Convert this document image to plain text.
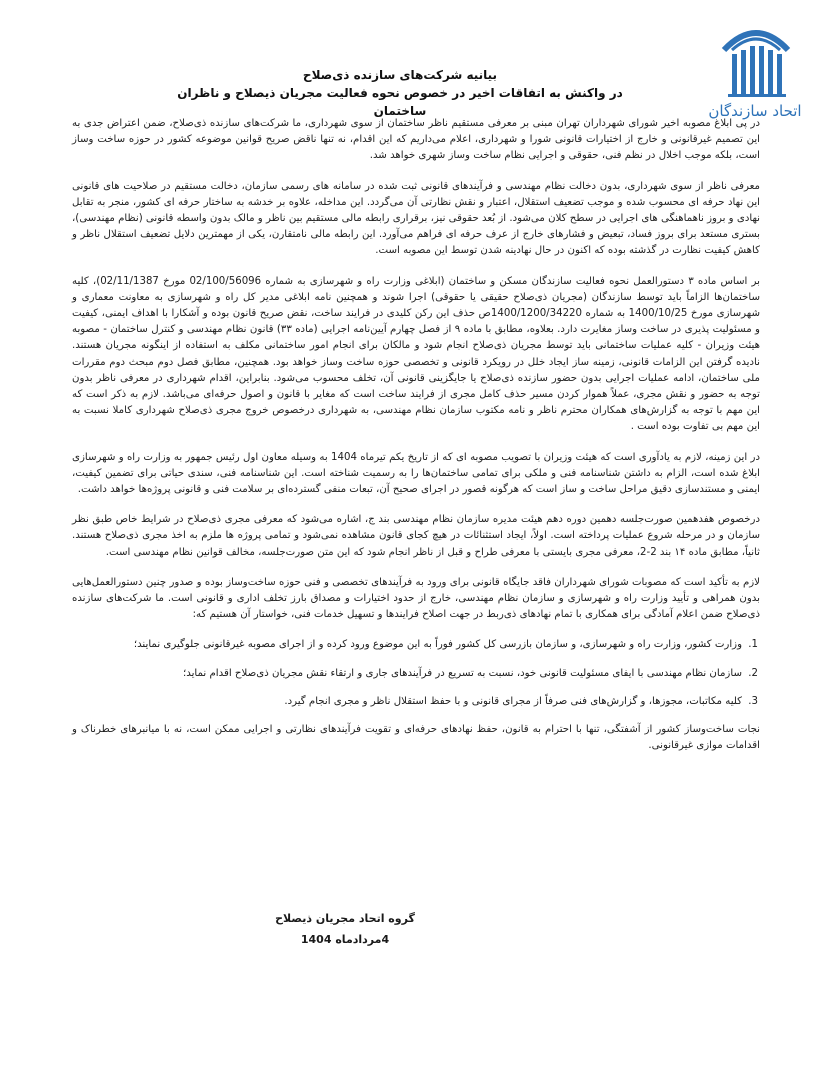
اتحاد سازندگان
بیانیه شرکت‌های سازنده ذی‌صلاح
در واکنش به اتفاقات اخیر در خصوص نحوه فعالیت مجریان ذیصلاح و ناظران ساختمان

در پی ابلاغ مصوبه اخیر شورای شهرداران تهران مبنی بر معرفی مستقیم ناظر ساختمان از سوی شهرداری، ما شرکت‌های سازنده ذی‌صلاح، ضمن اعتراض جدی به این تصمیم غیرقانونی و خارج از اختیارات قانونی شورا و شهرداری، اعلام می‌داریم که این اقدام، نه تنها ناقض صریح قوانین موضوعه کشور در حوزه ساخت وساز است، بلکه موجب اخلال در نظم فنی، حقوقی و اجرایی نظام ساخت وساز شهری خواهد شد.

معرفی ناظر از سوی شهرداری، بدون دخالت نظام مهندسی و فرآیندهای قانونی ثبت شده در سامانه های رسمی سازمان، دخالت مستقیم در صلاحیت های قانونی این نهاد حرفه ای محسوب شده و موجب تضعیف استقلال، اعتبار و نقش نظارتی آن می‌گردد. این مداخله، علاوه بر خدشه به ساختار حرفه ای کشور، منجر به تقابل نهادی و بروز ناهماهنگی های اجرایی در سطح کلان می‌شود. از بُعد حقوقی نیز، برقراری رابطه مالی مستقیم بین ناظر و مالک بدون واسطه قانونی (نظام مهندسی)، بستری مستعد برای بروز فساد، تبعیض و فشارهای خارج از عرف حرفه ای فراهم می‌آورد. این رابطه مالی نامتقارن، یکی از مهمترین دلایل تضعیف استقلال ناظر و کاهش کیفیت نظارت در گذشته بوده که اکنون در حال نهادینه شدن توسط این مصوبه است.

بر اساس ماده ۳ دستورالعمل نحوه فعالیت سازندگان مسکن و ساختمان (ابلاغی وزارت راه و شهرسازی به شماره 02/100/56096 مورخ 02/11/1387)، کلیه ساختمان‌ها الزاماً باید توسط سازندگان (مجریان ذی‌صلاح حقیقی یا حقوقی) اجرا شوند و همچنین نامه ابلاغی مدیر کل راه و شهرسازی به معاونت معماری و شهرسازی مورخ 1400/10/25 به شماره 1400/1200/34220ص حذف این رکن کلیدی در فرایند ساخت، نقض صریح قانون بوده و آشکارا با اهداف ایمنی، کیفیت و مسئولیت پذیری در ساخت وساز مغایرت دارد. بعلاوه، مطابق با ماده ۹ از فصل چهارم آیین‌نامه اجرایی (ماده ۳۳) قانون نظام مهندسی و کنترل ساختمان - مصوبه هیئت وزیران - کلیه عملیات ساختمانی باید توسط مجریان ذی‌صلاح انجام شود و مالکان برای انجام امور ساختمانی مکلف به استفاده از اینگونه مجریان هستند. نادیده گرفتن این الزامات قانونی، زمینه ساز ایجاد خلل در رویکرد قانونی و تخصصی حوزه ساخت وساز خواهد بود. همچنین، مطابق فصل دوم مبحث دوم مقررات ملی ساختمان، ادامه عملیات اجرایی بدون حضور سازنده ذی‌صلاح یا جایگزینی قانونی آن، تخلف محسوب می‌شود. بنابراین، اقدام شهرداری در معرفی ناظر بدون توجه به حضور و نقش مجری، عملاً هموار کردن مسیر حذف کامل مجری از فرایند ساخت است که مغایر با قانون و اصول حرفه‌ای می‌باشد. لازم به ذکر است که این مهم با توجه به گزارش‌های همکاران محترم ناظر و نامه مکتوب سازمان نظام مهندسی، به شهرداری درخصوص خروج مجری ذی‌صلاح شهرداری کاملا نسبت به این مهم بی تفاوت بوده است .

در این زمینه، لازم به یادآوری است که هیئت وزیران با تصویب مصوبه ای که از تاریخ یکم تیرماه 1404 به وسیله معاون اول رئیس جمهور به وزارت راه و شهرسازی ابلاغ شده است، الزام به داشتن شناسنامه فنی و ملکی برای تمامی ساختمان‌ها را به رسمیت شناخته است. این شناسنامه فنی، سندی حیاتی برای تضمین کیفیت، ایمنی و مستندسازی دقیق مراحل ساخت و ساز است که هرگونه قصور در اجرای صحیح آن، تبعات منفی گسترده‌ای بر سلامت فنی و قانونی پروژه‌ها خواهد داشت.

درخصوص هفدهمین صورت‌جلسه دهمین دوره دهم هیئت مدیره سازمان نظام مهندسی بند ج، اشاره می‌شود که معرفی مجری ذی‌صلاح در شرایط خاص طبق نظر سازمان و در مرحله شروع عملیات پرداخته است. اولاً، ایجاد استثنائات در هیچ کجای قانون مشاهده نمی‌شود و تمامی پروژه ها ملزم به اخذ مجری ذی‌صلاح هستند. ثانیاً، مطابق ماده ۱۴ بند 2-2، معرفی مجری بایستی با معرفی طراح و قبل از ناظر انجام شود که این متن صورت‌جلسه، مخالف قوانین نظام مهندسی است.

لازم به تأکید است که مصوبات شورای شهرداران فاقد جایگاه قانونی برای ورود به فرآیندهای تخصصی و فنی حوزه ساخت‌وساز بوده و صدور چنین دستورالعمل‌هایی بدون همراهی و تأیید وزارت راه و شهرسازی و سازمان نظام مهندسی، خارج از حدود اختیارات و مصداق بارز تخلف اداری و قانونی است. ما شرکت‌های سازنده ذی‌صلاح ضمن اعلام آمادگی برای همکاری با تمام نهادهای ذی‌ربط در جهت اصلاح فرایندها و تسهیل خدمات فنی، خواستار آن هستیم که:

1.
وزارت کشور، وزارت راه و شهرسازی، و سازمان بازرسی کل کشور فوراً به این موضوع ورود کرده و از اجرای مصوبه غیرقانونی جلوگیری نمایند؛
2.
سازمان نظام مهندسی با ایفای مسئولیت قانونی خود، نسبت به تسریع در فرآیندهای جاری و ارتقاء نقش مجریان ذی‌صلاح اقدام نماید؛
3.
کلیه مکاتبات، مجوزها، و گزارش‌های فنی صرفاً از مجرای قانونی و با حفظ استقلال ناظر و مجری انجام گیرد.

نجات ساخت‌وساز کشور از آشفتگی، تنها با احترام به قانون، حفظ نهادهای حرفه‌ای و تقویت فرآیندهای نظارتی و اجرایی ممکن است، نه با میانبرهای خطرناک و اقدامات موازی غیرقانونی.

گروه اتحاد مجریان ذیصلاح
4مردادماه 1404
